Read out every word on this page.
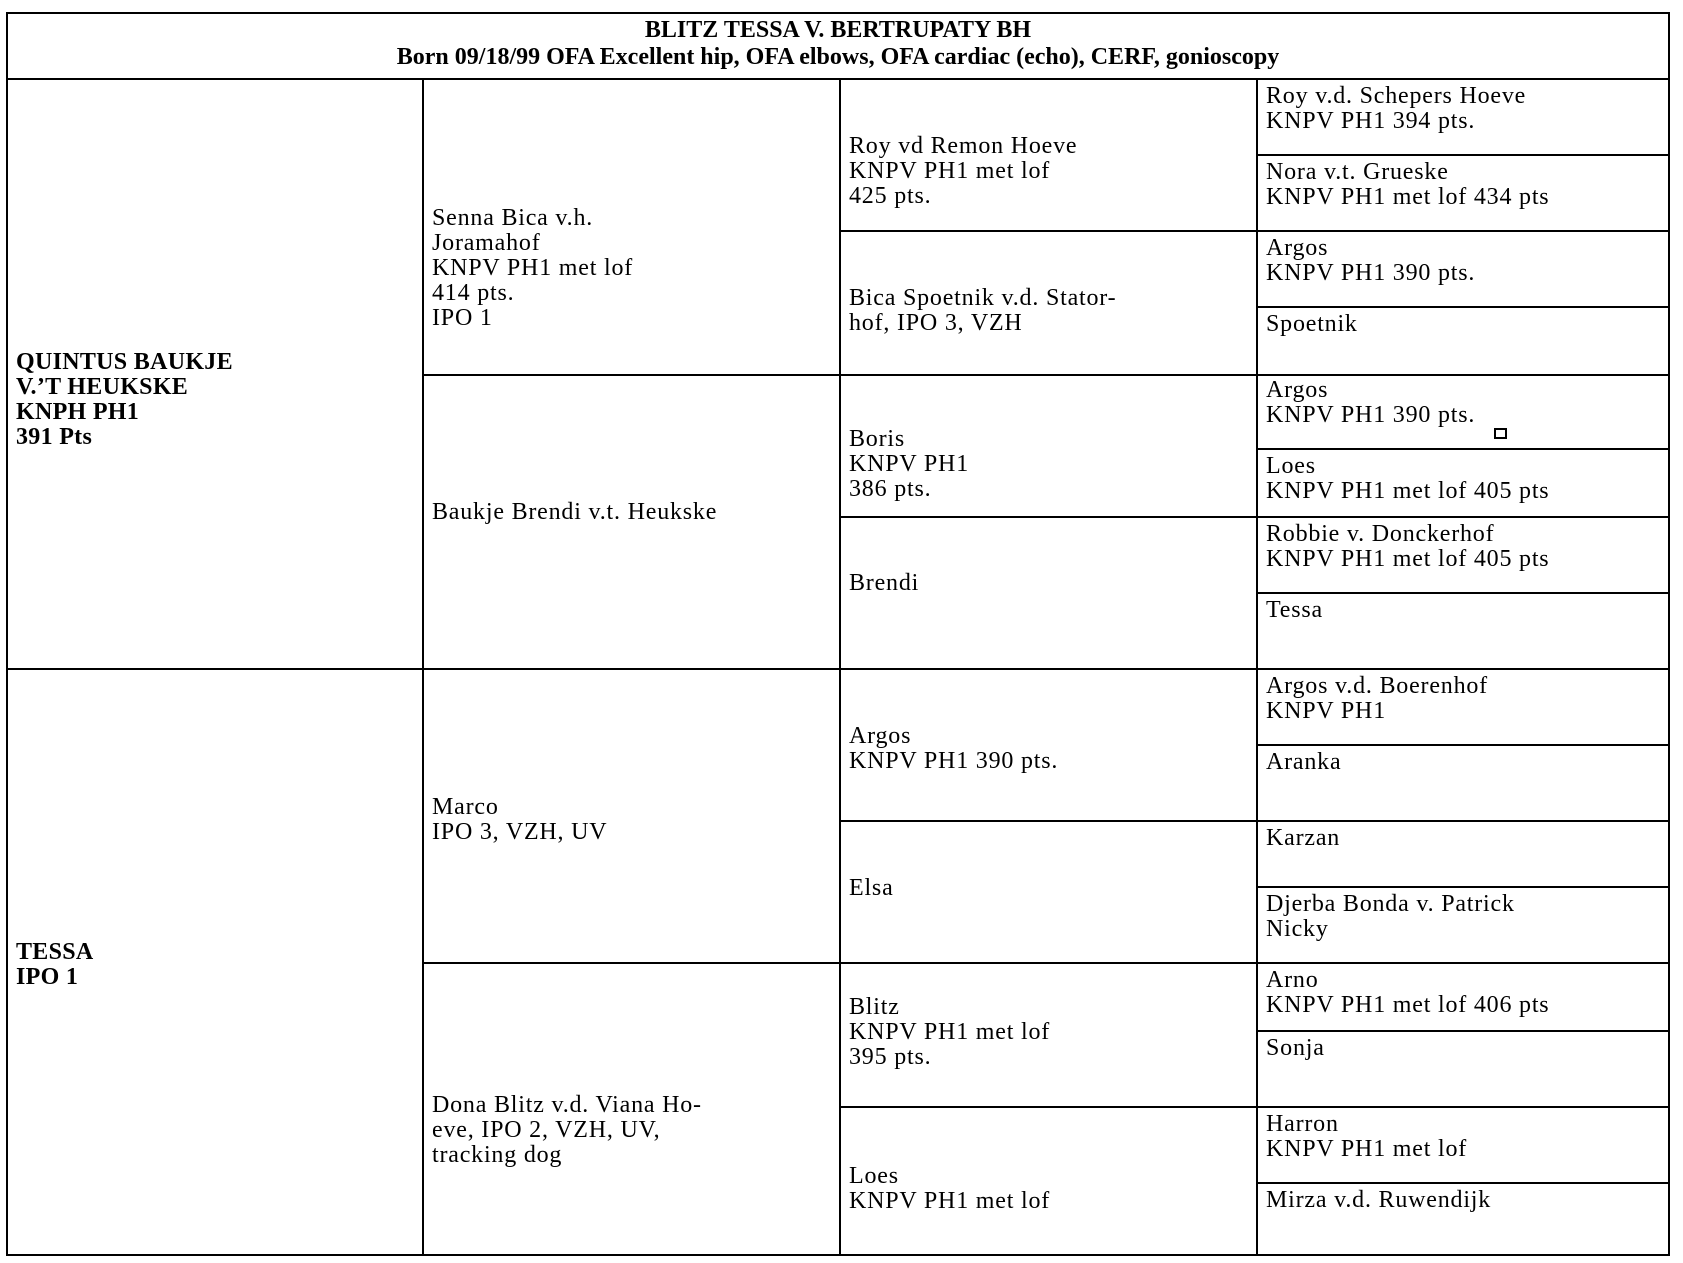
BLITZ TESSA V. BERTRUPATY BH
Born 09/18/99 OFA Excellent hip, OFA elbows, OFA cardiac (echo), CERF, gonioscopy
QUINTUS BAUKJE
V.’T HEUKSKE
KNPH PH1
391 Pts
TESSA
IPO 1
Senna Bica v.h.
Joramahof
KNPV PH1 met lof
414 pts.
IPO 1
Baukje Brendi v.t. Heukske
Marco
IPO 3, VZH, UV
Dona Blitz v.d. Viana Ho-
eve, IPO 2, VZH, UV,
tracking dog
Roy vd Remon Hoeve
KNPV PH1 met lof
425 pts.
Bica Spoetnik v.d. Stator-
hof, IPO 3, VZH
Boris
KNPV PH1
386 pts.
Brendi
Argos
KNPV PH1 390 pts.
Elsa
Blitz
KNPV PH1 met lof
395 pts.
Loes
KNPV PH1 met lof
Roy v.d. Schepers Hoeve
KNPV PH1 394 pts.
Nora v.t. Grueske
KNPV PH1 met lof 434 pts
Argos
KNPV PH1 390 pts.
Spoetnik
Argos
KNPV PH1 390 pts.
Loes
KNPV PH1 met lof 405 pts
Robbie v. Donckerhof
KNPV PH1 met lof 405 pts
Tessa
Argos v.d. Boerenhof
KNPV PH1
Aranka
Karzan
Djerba Bonda v. Patrick
Nicky
Arno
KNPV PH1 met lof 406 pts
Sonja
Harron
KNPV PH1 met lof
Mirza v.d. Ruwendijk
